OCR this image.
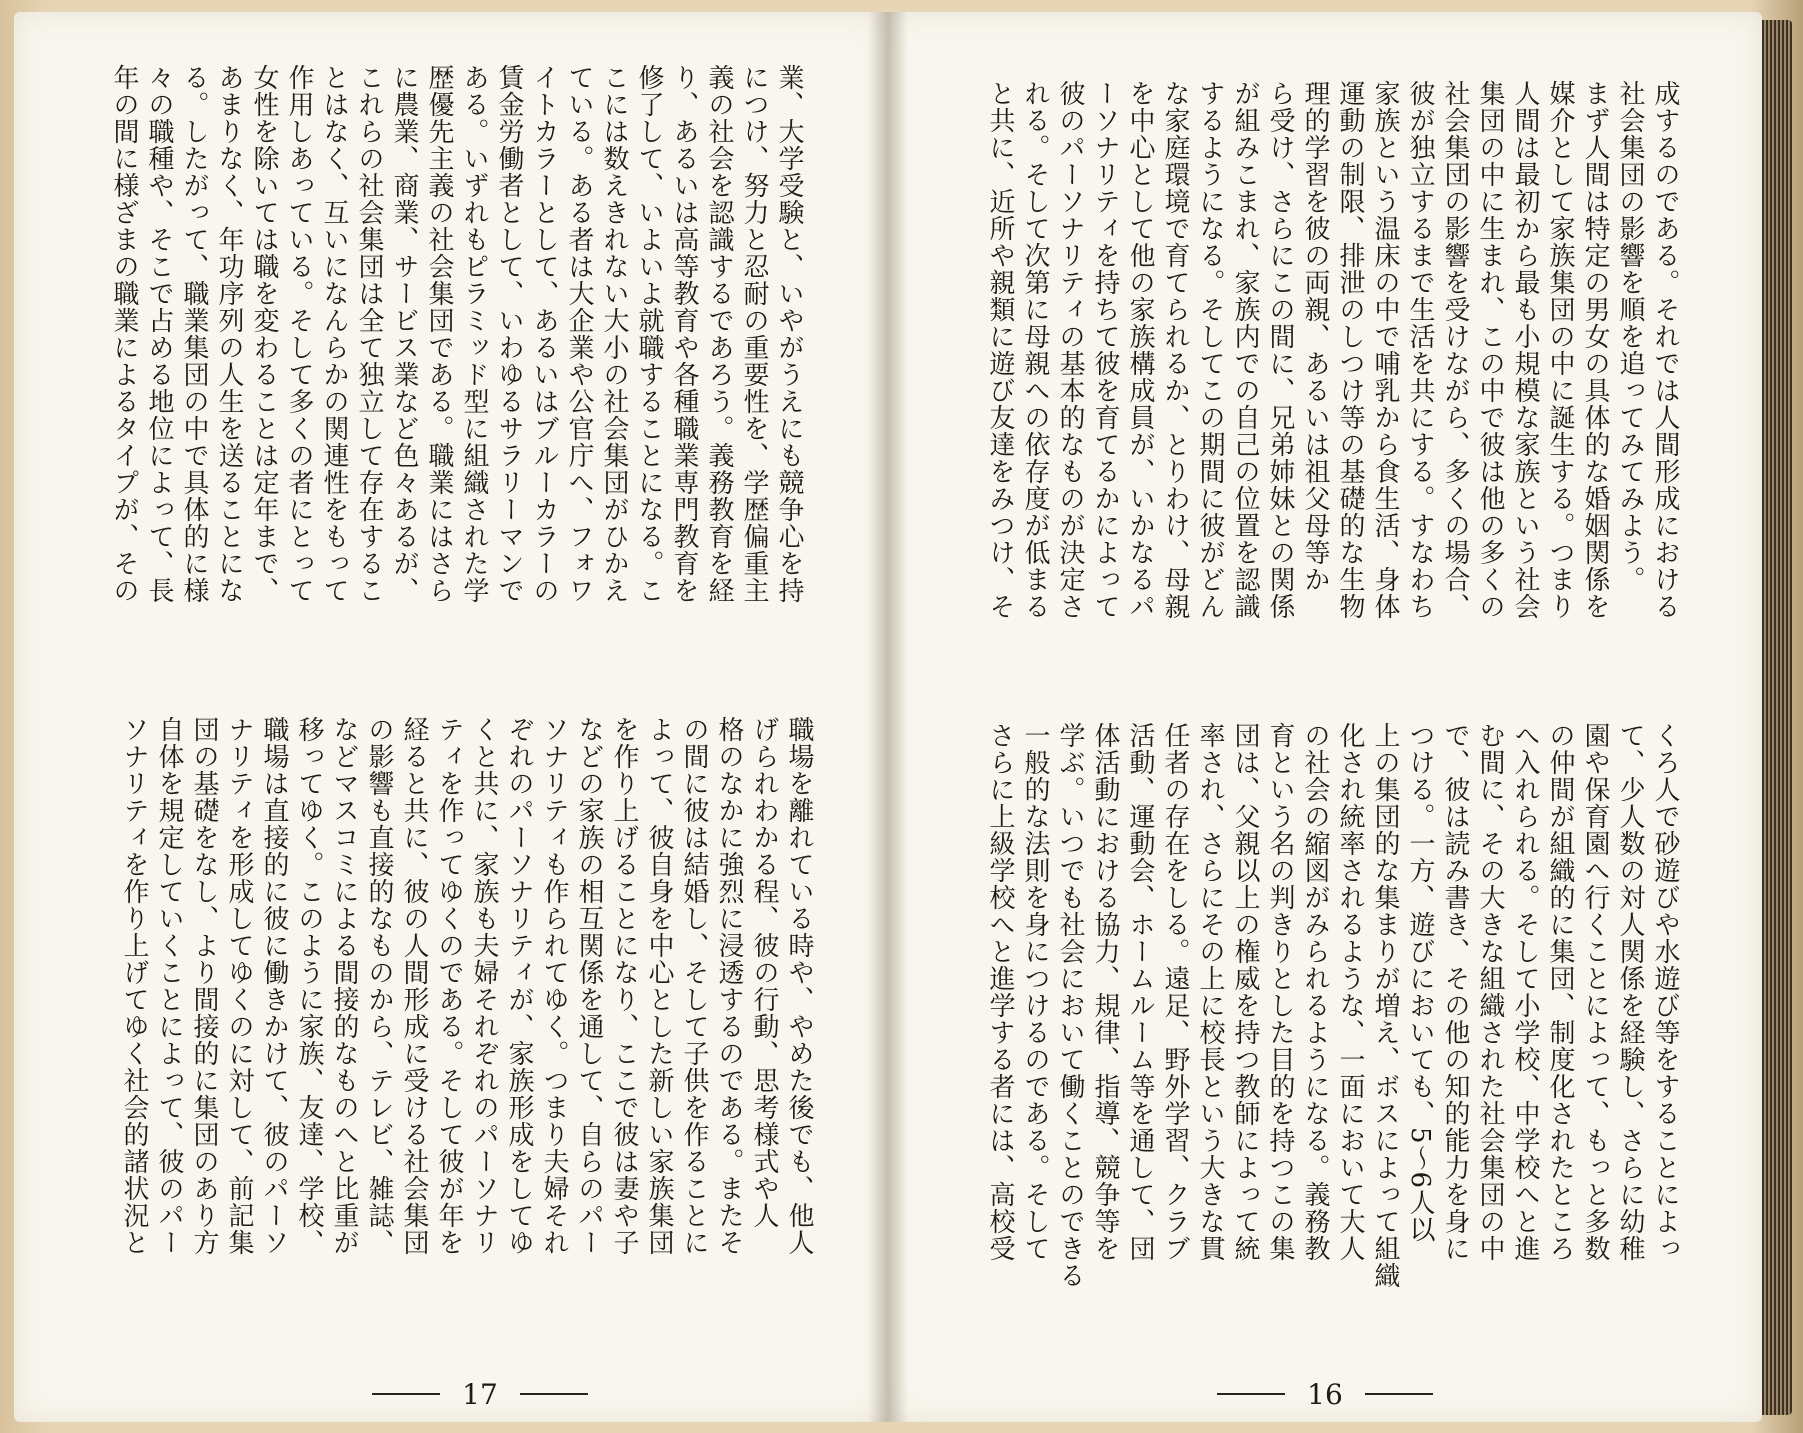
業、大学受験と、いやがうえにも競争心を持
につけ、努力と忍耐の重要性を、学歴偏重主
義の社会を認識するであろう。義務教育を経
り、あるいは高等教育や各種職業専門教育を
修了して、いよいよ就職することになる。こ
こには数えきれない大小の社会集団がひかえ
ている。ある者は大企業や公官庁へ、フォワ
イトカラーとして、あるいはブルーカラーの
賃金労働者として、いわゆるサラリーマンで
ある。いずれもピラミッド型に組織された学
歴優先主義の社会集団である。職業にはさら
に農業、商業、サービス業など色々あるが、
これらの社会集団は全て独立して存在するこ
とはなく、互いになんらかの関連性をもって
作用しあっている。そして多くの者にとって
女性を除いては職を変わることは定年まで、
あまりなく、年功序列の人生を送ることにな
る。したがって、職業集団の中で具体的に様
々の職種や、そこで占める地位によって、長
年の間に様ざまの職業によるタイプが、その
職場を離れている時や、やめた後でも、他人
げられわかる程、彼の行動、思考様式や人
格のなかに強烈に浸透するのである。またそ
の間に彼は結婚し、そして子供を作ることに
よって、彼自身を中心とした新しい家族集団
を作り上げることになり、ここで彼は妻や子
などの家族の相互関係を通して、自らのパー
ソナリティも作られてゆく。つまり夫婦それ
ぞれのパーソナリティが、家族形成をしてゆ
くと共に、家族も夫婦それぞれのパーソナリ
ティを作ってゆくのである。そして彼が年を
経ると共に、彼の人間形成に受ける社会集団
の影響も直接的なものから、テレビ、雑誌、
などマスコミによる間接的なものへと比重が
移ってゆく。このように家族、友達、学校、
職場は直接的に彼に働きかけて、彼のパーソ
ナリティを形成してゆくのに対して、前記集
団の基礎をなし、より間接的に集団のあり方
自体を規定していくことによって、彼のパー
ソナリティを作り上げてゆく社会的諸状況と
成するのである。それでは人間形成における
社会集団の影響を順を追ってみてみよう。
まず人間は特定の男女の具体的な婚姻関係を
媒介として家族集団の中に誕生する。つまり
人間は最初から最も小規模な家族という社会
集団の中に生まれ、この中で彼は他の多くの
社会集団の影響を受けながら、多くの場合、
彼が独立するまで生活を共にする。すなわち
家族という温床の中で哺乳から食生活、身体
運動の制限、排泄のしつけ等の基礎的な生物
理的学習を彼の両親、あるいは祖父母等か
ら受け、さらにこの間に、兄弟姉妹との関係
が組みこまれ、家族内での自己の位置を認識
するようになる。そしてこの期間に彼がどん
な家庭環境で育てられるか、とりわけ、母親
を中心として他の家族構成員が、いかなるパ
ーソナリティを持ちて彼を育てるかによって
彼のパーソナリティの基本的なものが決定さ
れる。そして次第に母親への依存度が低まる
と共に、近所や親類に遊び友達をみつけ、そ
くろ人で砂遊びや水遊び等をすることによっ
て、少人数の対人関係を経験し、さらに幼稚
園や保育園へ行くことによって、もっと多数
の仲間が組織的に集団、制度化されたところ
へ入れられる。そして小学校、中学校へと進
む間に、その大きな組織された社会集団の中
で、彼は読み書き、その他の知的能力を身に
つける。一方、遊びにおいても、5〜6人以
上の集団的な集まりが増え、ボスによって組織
化され統率されるような、一面において大人
の社会の縮図がみられるようになる。義務教
育という名の判きりとした目的を持つこの集
団は、父親以上の権威を持つ教師によって統
率され、さらにその上に校長という大きな貫
任者の存在をしる。遠足、野外学習、クラブ
活動、運動会、ホームルーム等を通して、団
体活動における協力、規律、指導、競争等を
学ぶ。いつでも社会において働くことのできる
一般的な法則を身につけるのである。そして
さらに上級学校へと進学する者には、高校受
17	16
